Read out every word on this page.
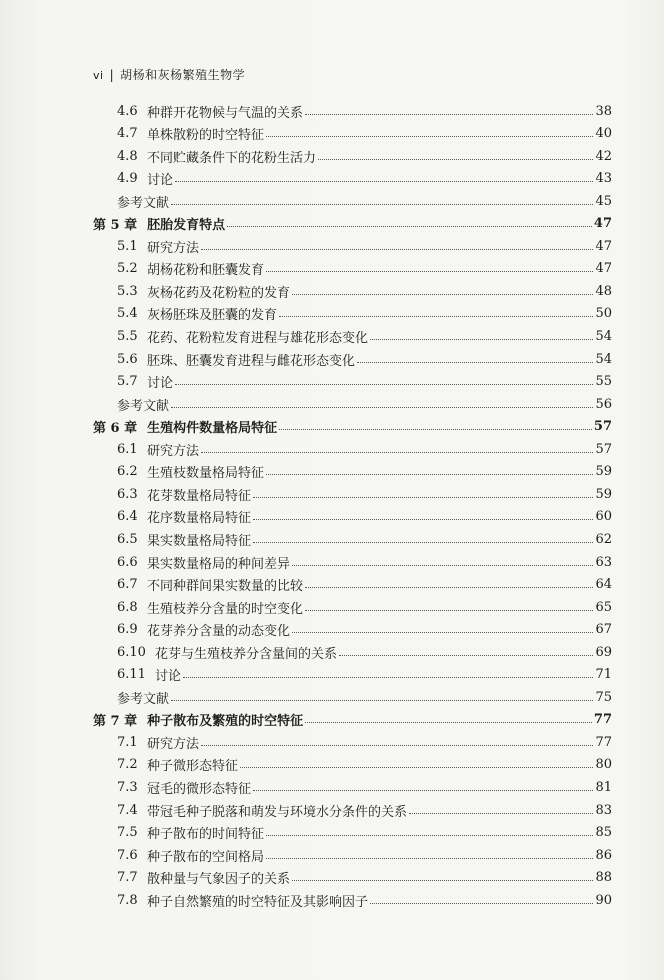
vi | 胡杨和灰杨繁殖生物学
4.6 种群开花物候与气温的关系	38
4.7 单株散粉的时空特征	40
4.8 不同贮藏条件下的花粉生活力	42
4.9 讨论	43
参考文献	45
第 5 章 胚胎发育特点	47
5.1 研究方法	47
5.2 胡杨花粉和胚囊发育	47
5.3 灰杨花药及花粉粒的发育	48
5.4 灰杨胚珠及胚囊的发育	50
5.5 花药、花粉粒发育进程与雄花形态变化	54
5.6 胚珠、胚囊发育进程与雌花形态变化	54
5.7 讨论	55
参考文献	56
第 6 章 生殖构件数量格局特征	57
6.1 研究方法	57
6.2 生殖枝数量格局特征	59
6.3 花芽数量格局特征	59
6.4 花序数量格局特征	60
6.5 果实数量格局特征	62
6.6 果实数量格局的种间差异	63
6.7 不同种群间果实数量的比较	64
6.8 生殖枝养分含量的时空变化	65
6.9 花芽养分含量的动态变化	67
6.10 花芽与生殖枝养分含量间的关系	69
6.11 讨论	71
参考文献	75
第 7 章 种子散布及繁殖的时空特征	77
7.1 研究方法	77
7.2 种子微形态特征	80
7.3 冠毛的微形态特征	81
7.4 带冠毛种子脱落和萌发与环境水分条件的关系	83
7.5 种子散布的时间特征	85
7.6 种子散布的空间格局	86
7.7 散种量与气象因子的关系	88
7.8 种子自然繁殖的时空特征及其影响因子	90
